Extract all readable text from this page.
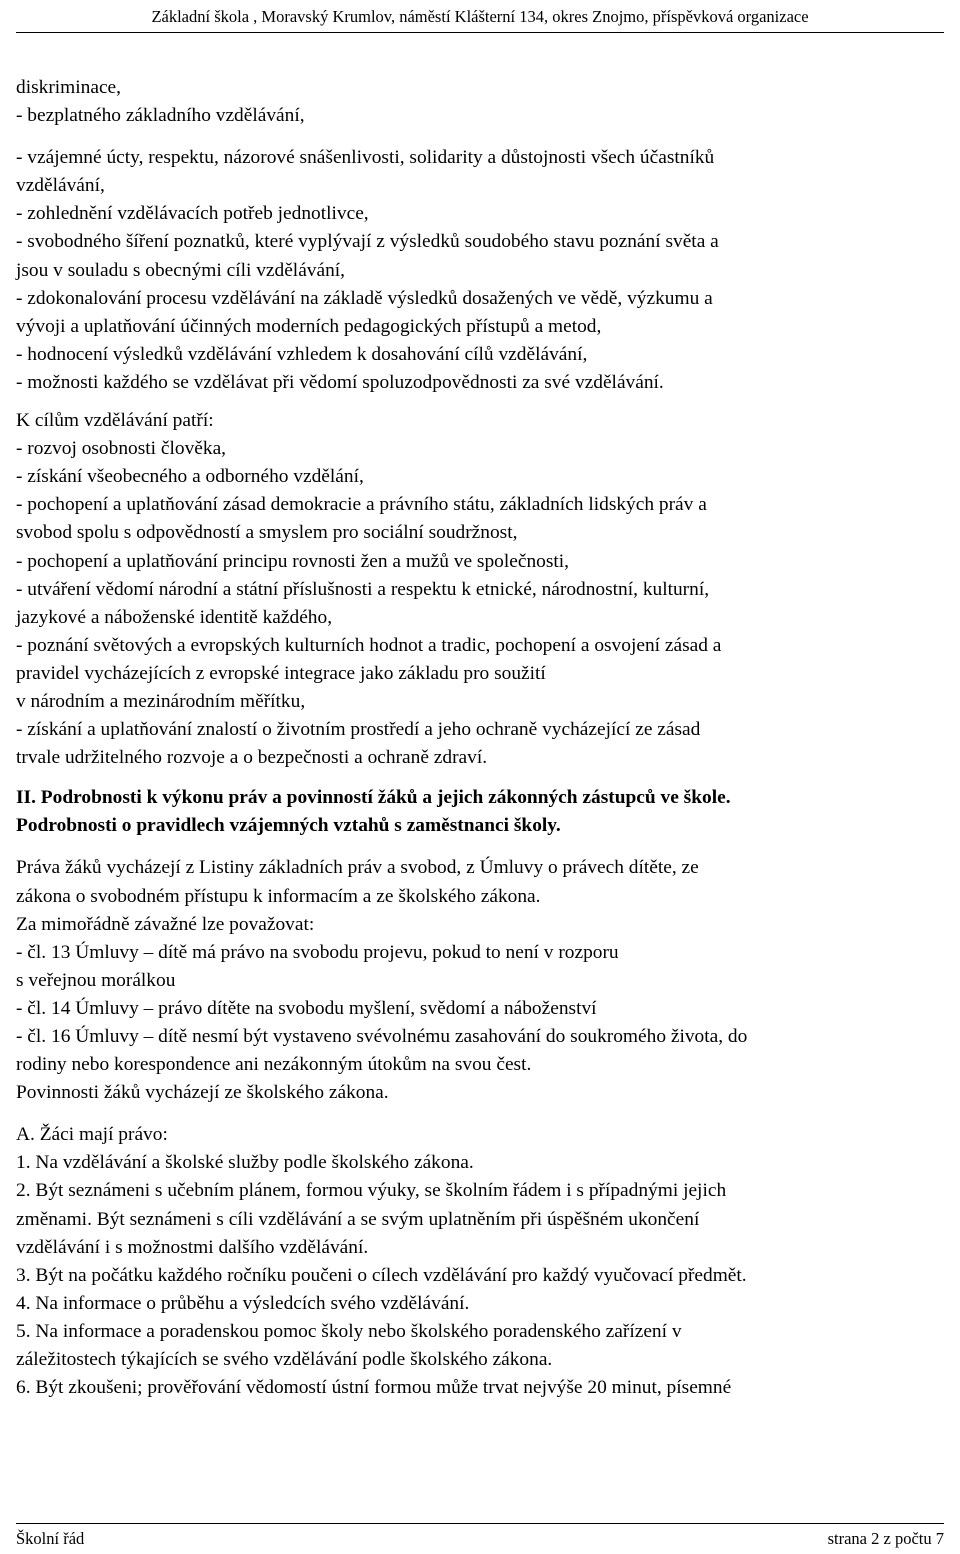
Základní škola , Moravský Krumlov, náměstí Klášterní 134, okres Znojmo, příspěvková organizace
diskriminace,
- bezplatného základního vzdělávání,
- vzájemné úcty, respektu, názorové snášenlivosti, solidarity a důstojnosti všech účastníků
vzdělávání,
- zohlednění vzdělávacích potřeb jednotlivce,
- svobodného šíření poznatků, které vyplývají z výsledků soudobého stavu poznání světa a
jsou v souladu s obecnými cíli vzdělávání,
- zdokonalování procesu vzdělávání na základě výsledků dosažených ve vědě, výzkumu a
vývoji a uplatňování účinných moderních pedagogických přístupů a metod,
- hodnocení výsledků vzdělávání vzhledem k dosahování cílů vzdělávání,
- možnosti každého se vzdělávat při vědomí spoluzodpovědnosti za své vzdělávání.
K cílům vzdělávání patří:
- rozvoj osobnosti člověka,
- získání všeobecného a odborného vzdělání,
- pochopení a uplatňování zásad demokracie a právního státu, základních lidských práv a
svobod spolu s odpovědností a smyslem pro sociální soudržnost,
- pochopení a uplatňování principu rovnosti žen a mužů ve společnosti,
- utváření vědomí národní a státní příslušnosti a respektu k etnické, národnostní, kulturní,
jazykové a náboženské identitě každého,
- poznání světových a evropských kulturních hodnot a tradic, pochopení a osvojení zásad a
pravidel vycházejících z evropské integrace jako základu pro soužití
v národním a mezinárodním měřítku,
- získání a uplatňování znalostí o životním prostředí a jeho ochraně vycházející ze zásad
trvale udržitelného rozvoje a o bezpečnosti a ochraně zdraví.
II. Podrobnosti k výkonu práv a povinností žáků a jejich zákonných zástupců ve škole.
Podrobnosti o pravidlech vzájemných vztahů s zaměstnanci školy.
Práva žáků vycházejí z Listiny základních práv a svobod, z Úmluvy o právech dítěte, ze
zákona o svobodném přístupu k informacím a ze školského zákona.
Za mimořádně závažné lze považovat:
- čl. 13 Úmluvy – dítě má právo na svobodu projevu, pokud to není v rozporu
s veřejnou morálkou
- čl. 14 Úmluvy – právo dítěte na svobodu myšlení, svědomí a náboženství
- čl. 16 Úmluvy – dítě nesmí být vystaveno svévolnému zasahování do soukromého života, do
rodiny nebo korespondence ani nezákonným útokům na svou čest.
Povinnosti žáků vycházejí ze školského zákona.
A. Žáci mají právo:
1. Na vzdělávání a školské služby podle školského zákona.
2. Být seznámeni s učebním plánem, formou výuky, se školním řádem i s případnými jejich
změnami. Být seznámeni s cíli vzdělávání a se svým uplatněním při úspěšném ukončení
vzdělávání i s možnostmi dalšího vzdělávání.
3. Být na počátku každého ročníku poučeni o cílech vzdělávání pro každý vyučovací předmět.
4. Na informace o průběhu a výsledcích svého vzdělávání.
5. Na informace a poradenskou pomoc školy nebo školského poradenského zařízení v
záležitostech týkajících se svého vzdělávání podle školského zákona.
6. Být zkoušeni; prověřování vědomostí ústní formou může trvat nejvýše 20 minut, písemné
Školní řád	strana 2 z počtu 7
